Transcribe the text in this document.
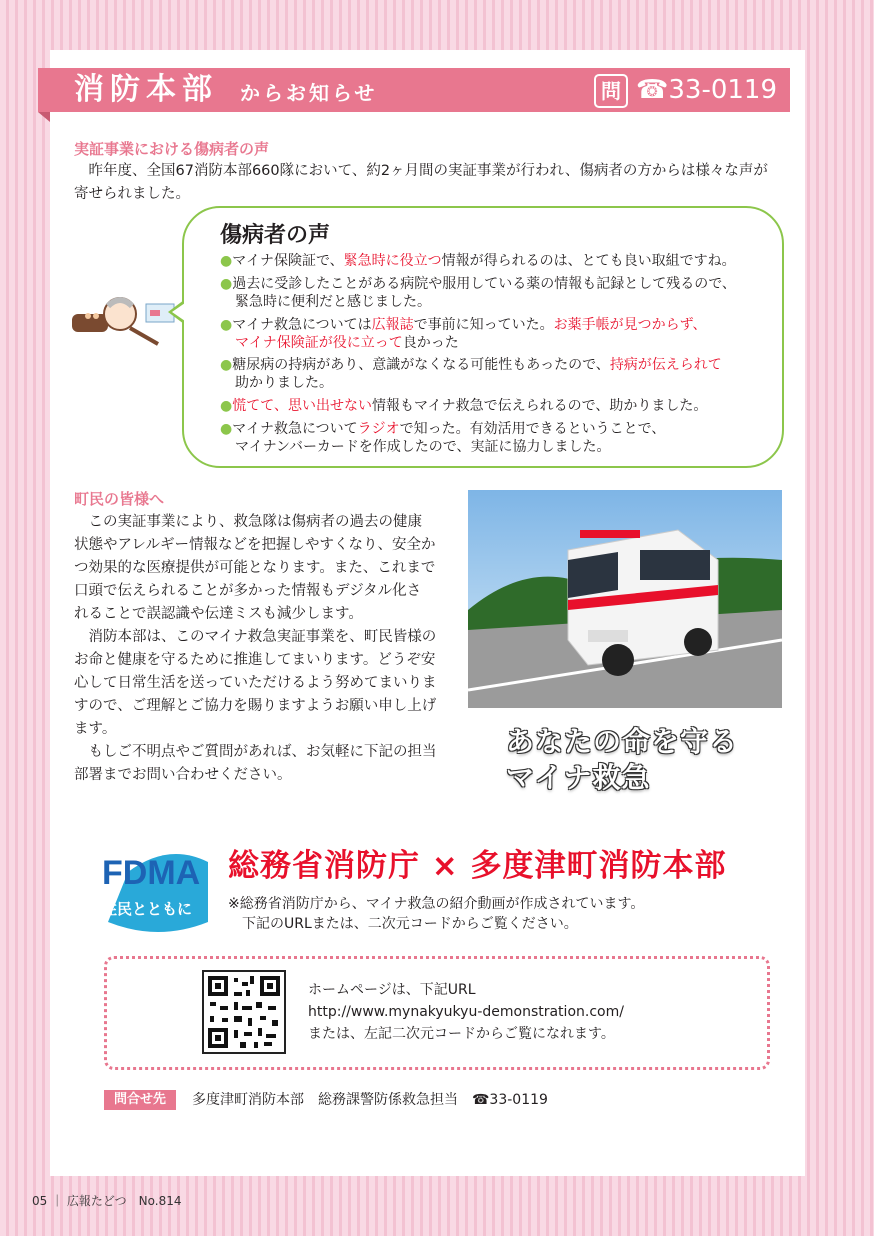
消防本部 からお知らせ	問 ☎33-0119
実証事業における傷病者の声
　昨年度、全国67消防本部660隊において、約2ヶ月間の実証事業が行われ、傷病者の方からは様々な声が
寄せられました。
傷病者の声
●マイナ保険証で、緊急時に役立つ情報が得られるのは、とても良い取組ですね。
●過去に受診したことがある病院や服用している薬の情報も記録として残るので、
緊急時に便利だと感じました。
●マイナ救急については広報誌で事前に知っていた。お薬手帳が見つからず、
マイナ保険証が役に立って良かった
●糖尿病の持病があり、意識がなくなる可能性もあったので、持病が伝えられて
助かりました。
●慌てて、思い出せない情報もマイナ救急で伝えられるので、助かりました。
●マイナ救急についてラジオで知った。有効活用できるということで、
マイナンバーカードを作成したので、実証に協力しました。
町民の皆様へ
　この実証事業により、救急隊は傷病者の過去の健康
状態やアレルギー情報などを把握しやすくなり、安全か
つ効果的な医療提供が可能となります。また、これまで
口頭で伝えられることが多かった情報もデジタル化さ
れることで誤認識や伝達ミスも減少します。
　消防本部は、このマイナ救急実証事業を、町民皆様の
お命と健康を守るために推進してまいります。どうぞ安
心して日常生活を送っていただけるよう努めてまいりま
すので、ご理解とご協力を賜りますようお願い申し上げ
ます。
　もしご不明点やご質問があれば、お気軽に下記の担当
部署までお問い合わせください。
あなたの命を守る
マイナ救急
FDMA
住民とともに
総務省消防庁 × 多度津町消防本部
※総務省消防庁から、マイナ救急の紹介動画が作成されています。
　下記のURLまたは、二次元コードからご覧ください。
ホームページは、下記URL
http://www.mynakyukyu-demonstration.com/
または、左記二次元コードからご覧になれます。
問合せ先	多度津町消防本部　総務課警防係救急担当　☎33-0119
05 ｜ 広報たどつ　No.814
